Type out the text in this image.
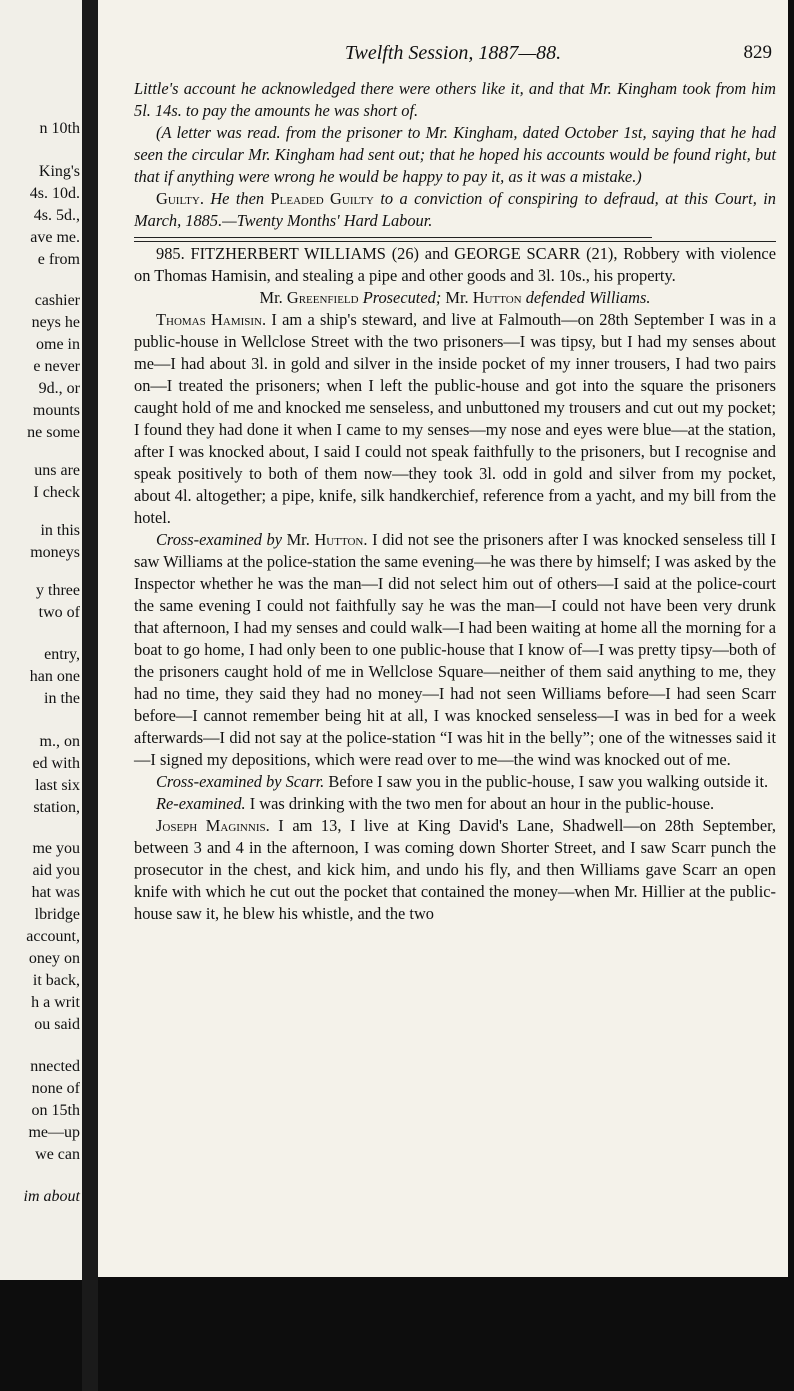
n 10th
King's
4s. 10d.
4s. 5d.,
ave me.
e from
cashier
neys he
ome in
e never
9d., or
mounts
ne some
uns are
I check
in this
moneys
y three
two of
entry,
han one
in the
m., on
ed with
last six
station,
me you
aid you
hat was
lbridge
account,
oney on
it back,
h a writ
ou said
nnected
none of
on 15th
me—up
we can
im about
Twelfth Session, 1887—88.	829

Little's account he acknowledged there were others like it, and that Mr. Kingham took from him 5l. 14s. to pay the amounts he was short of.

(A letter was read. from the prisoner to Mr. Kingham, dated October 1st, saying that he had seen the circular Mr. Kingham had sent out; that he hoped his accounts would be found right, but that if anything were wrong he would be happy to pay it, as it was a mistake.)

Guilty. He then Pleaded Guilty to a conviction of conspiring to defraud, at this Court, in March, 1885.—Twenty Months' Hard Labour.

985. FITZHERBERT WILLIAMS (26) and GEORGE SCARR (21), Robbery with violence on Thomas Hamisin, and stealing a pipe and other goods and 3l. 10s., his property.

Mr. Greenfield Prosecuted; Mr. Hutton defended Williams.

Thomas Hamisin. I am a ship's steward, and live at Falmouth—on 28th September I was in a public-house in Wellclose Street with the two prisoners—I was tipsy, but I had my senses about me—I had about 3l. in gold and silver in the inside pocket of my inner trousers, I had two pairs on—I treated the prisoners; when I left the public-house and got into the square the prisoners caught hold of me and knocked me senseless, and unbuttoned my trousers and cut out my pocket; I found they had done it when I came to my senses—my nose and eyes were blue—at the station, after I was knocked about, I said I could not speak faithfully to the prisoners, but I recognise and speak positively to both of them now—they took 3l. odd in gold and silver from my pocket, about 4l. altogether; a pipe, knife, silk handkerchief, reference from a yacht, and my bill from the hotel.

Cross-examined by Mr. Hutton. I did not see the prisoners after I was knocked senseless till I saw Williams at the police-station the same evening—he was there by himself; I was asked by the Inspector whether he was the man—I did not select him out of others—I said at the police-court the same evening I could not faithfully say he was the man—I could not have been very drunk that afternoon, I had my senses and could walk—I had been waiting at home all the morning for a boat to go home, I had only been to one public-house that I know of—I was pretty tipsy—both of the prisoners caught hold of me in Wellclose Square—neither of them said anything to me, they had no time, they said they had no money—I had not seen Williams before—I had seen Scarr before—I cannot remember being hit at all, I was knocked senseless—I was in bed for a week afterwards—I did not say at the police-station “I was hit in the belly”; one of the witnesses said it—I signed my depositions, which were read over to me—the wind was knocked out of me.

Cross-examined by Scarr. Before I saw you in the public-house, I saw you walking outside it.

Re-examined. I was drinking with the two men for about an hour in the public-house.

Joseph Maginnis. I am 13, I live at King David's Lane, Shadwell—on 28th September, between 3 and 4 in the afternoon, I was coming down Shorter Street, and I saw Scarr punch the prosecutor in the chest, and kick him, and undo his fly, and then Williams gave Scarr an open knife with which he cut out the pocket that contained the money—when Mr. Hillier at the public-house saw it, he blew his whistle, and the two
